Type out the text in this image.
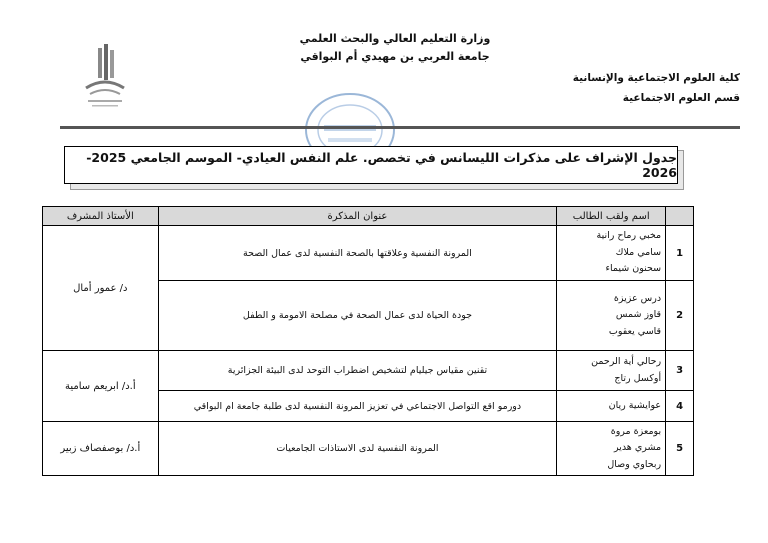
وزارة التعليم العالي والبحث العلمي
جامعة العربي بن مهيدي أم البواقي
كلية العلوم الاجتماعية والإنسانية
قسم العلوم الاجتماعية
جدول الإشراف على مذكرات الليسانس في تخصص. علم النفس العيادي- الموسم الجامعي 2025- 2026
	اسم ولقب الطالب	عنوان المذكرة	الأستاذ المشرف
1	مخبي رماح رانية
سامي ملاك
سحنون شيماء	المرونة النفسية وعلاقتها بالصحة النفسية لدى عمال الصحة	د/ عمور أمال
2	درس عزيزة
قاوز شمس
قاسي يعقوب	جودة الحياة لدى عمال الصحة في مصلحة الامومة و الطفل	
3	رحالي أية الرحمن
أوكسل رتاج	تقنين مقياس جيليام لتشخيص اضطراب التوحد لدى البيئة الجزائرية	أ.د/ ابريعم سامية
4	عوايشية ريان	دورمو اقع التواصل الاجتماعي في تعزيز المرونة النفسية لدى طلبة جامعة ام البواقي	
5	بومعزة مروة
مشري هدير
ربحاوي وصال	المرونة النفسية لدى الاستاذات الجامعيات	أ.د/ بوصفصاف زبير
